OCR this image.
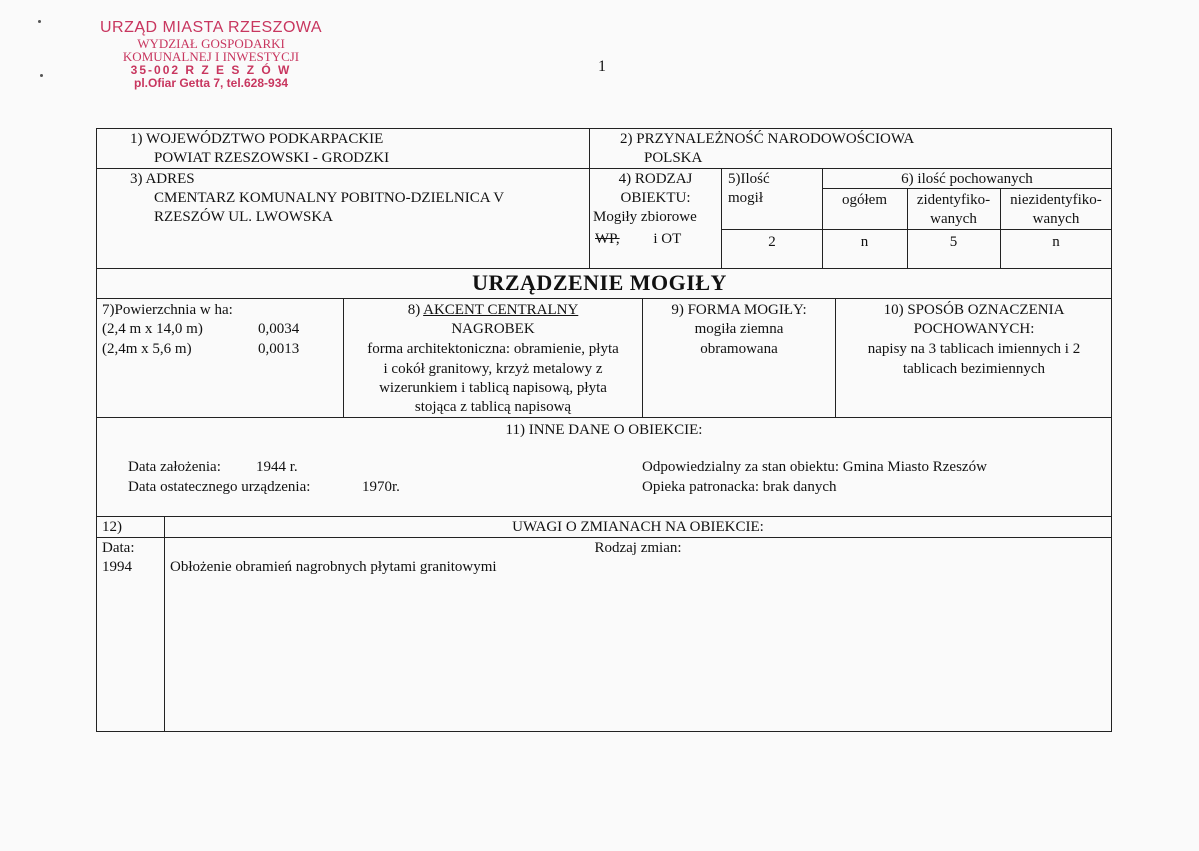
URZĄD MIASTA RZESZOWA
WYDZIAŁ GOSPODARKI
KOMUNALNEJ I INWESTYCJI
35-002 R Z E S Z Ó W
pl.Ofiar Getta 7, tel.628-934
1
1) WOJEWÓDZTWO PODKARPACKIE
POWIAT RZESZOWSKI - GRODZKI
2) PRZYNALEŻNOŚĆ NARODOWOŚCIOWA
POLSKA
3) ADRES
CMENTARZ KOMUNALNY POBITNO-DZIELNICA V
RZESZÓW UL. LWOWSKA
4) RODZAJ
OBIEKTU:
Mogiły zbiorowe
WP, i OT
5)Ilość
mogił
2
6) ilość pochowanych
ogółem	zidentyfiko-
wanych
niezidentyfiko-
wanych
n	5	n
URZĄDZENIE MOGIŁY
7)Powierzchnia w ha:
(2,4 m x 14,0 m)	0,0034
(2,4m x 5,6 m)	0,0013
8) AKCENT CENTRALNY
NAGROBEK
forma architektoniczna: obramienie, płyta
i cokół granitowy, krzyż metalowy z
wizerunkiem i tablicą napisową, płyta
stojąca z tablicą napisową
9) FORMA MOGIŁY:
mogiła ziemna
obramowana
10) SPOSÓB OZNACZENIA
POCHOWANYCH:
napisy na 3 tablicach imiennych i 2
tablicach bezimiennych
11) INNE DANE O OBIEKCIE:
Data założenia: 1944 r.
Data ostatecznego urządzenia:	1970r.
Odpowiedzialny za stan obiektu: Gmina Miasto Rzeszów
Opieka patronacka: brak danych
12)	UWAGI O ZMIANACH NA OBIEKCIE:
Data:	Rodzaj zmian:
1994	Obłożenie obramień nagrobnych płytami granitowymi
